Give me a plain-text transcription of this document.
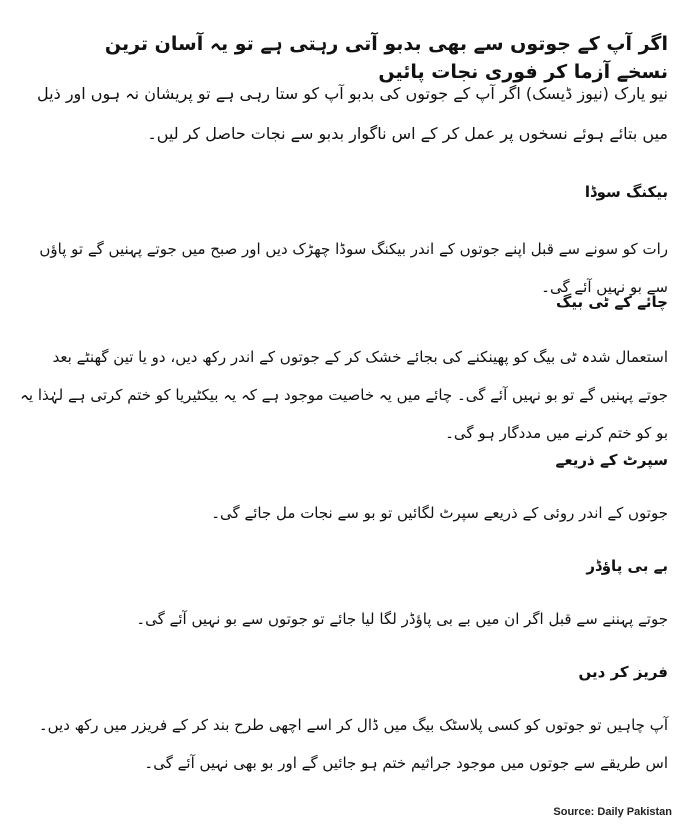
اگر آپ کے جوتوں سے بھی بدبو آتی رہتی ہے تو یہ آسان ترین نسخے آزما کر فوری نجات پائیں

نیو یارک (نیوز ڈیسک) اگر آپ کے جوتوں کی بدبو آپ کو ستا رہی ہے تو پریشان نہ ہوں اور ذیل میں بتائے ہوئے نسخوں پر عمل کر کے اس ناگوار بدبو سے نجات حاصل کر لیں۔

بیکنگ سوڈا

رات کو سونے سے قبل اپنے جوتوں کے اندر بیکنگ سوڈا چھڑک دیں اور صبح میں جوتے پہنیں گے تو پاؤں سے بو نہیں آئے گی۔

چائے کے ٹی بیگ

استعمال شدہ ٹی بیگ کو پھینکنے کی بجائے خشک کر کے جوتوں کے اندر رکھ دیں، دو یا تین گھنٹے بعد جوتے پہنیں گے تو بو نہیں آئے گی۔ چائے میں یہ خاصیت موجود ہے کہ یہ بیکٹیریا کو ختم کرتی ہے لہٰذا یہ بو کو ختم کرنے میں مددگار ہو گی۔

سپرٹ کے ذریعے

جوتوں کے اندر روئی کے ذریعے سپرٹ لگائیں تو بو سے نجات مل جائے گی۔

بے بی پاؤڈر

جوتے پہننے سے قبل اگر ان میں بے بی پاؤڈر لگا لیا جائے تو جوتوں سے بو نہیں آئے گی۔

فریز کر دیں

آپ چاہیں تو جوتوں کو کسی پلاسٹک بیگ میں ڈال کر اسے اچھی طرح بند کر کے فریزر میں رکھ دیں۔ اس طریقے سے جوتوں میں موجود جراثیم ختم ہو جائیں گے اور بو بھی نہیں آئے گی۔

Source: Daily Pakistan
